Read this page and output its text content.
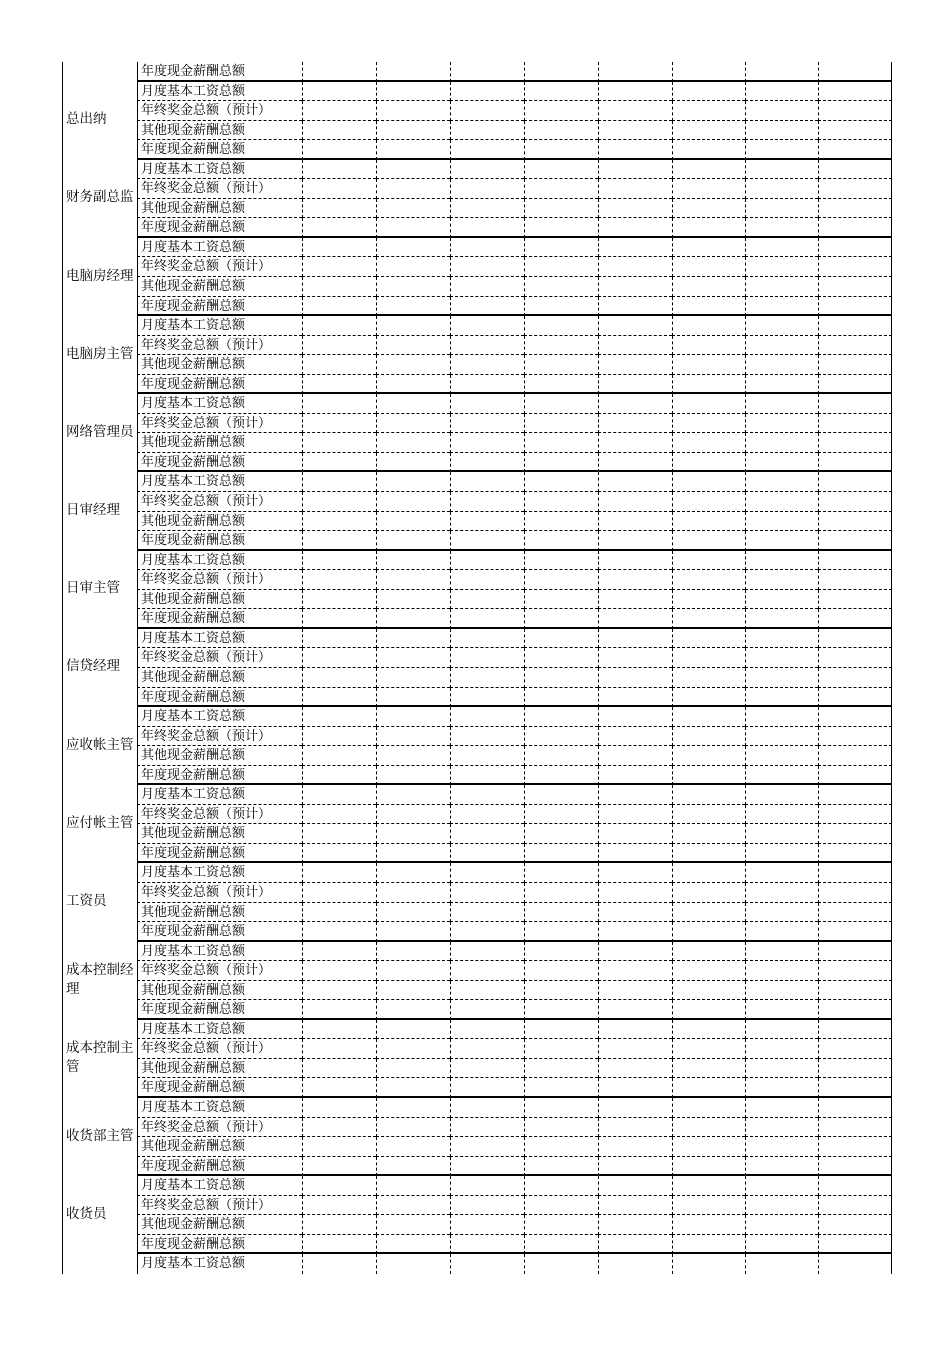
年度现金薪酬总额
月度基本工资总额
年终奖金总额（预计）
其他现金薪酬总额
年度现金薪酬总额
总出纳
月度基本工资总额
年终奖金总额（预计）
其他现金薪酬总额
年度现金薪酬总额
财务副总监
月度基本工资总额
年终奖金总额（预计）
其他现金薪酬总额
年度现金薪酬总额
电脑房经理
月度基本工资总额
年终奖金总额（预计）
其他现金薪酬总额
年度现金薪酬总额
电脑房主管
月度基本工资总额
年终奖金总额（预计）
其他现金薪酬总额
年度现金薪酬总额
网络管理员
月度基本工资总额
年终奖金总额（预计）
其他现金薪酬总额
年度现金薪酬总额
日审经理
月度基本工资总额
年终奖金总额（预计）
其他现金薪酬总额
年度现金薪酬总额
日审主管
月度基本工资总额
年终奖金总额（预计）
其他现金薪酬总额
年度现金薪酬总额
信贷经理
月度基本工资总额
年终奖金总额（预计）
其他现金薪酬总额
年度现金薪酬总额
应收帐主管
月度基本工资总额
年终奖金总额（预计）
其他现金薪酬总额
年度现金薪酬总额
应付帐主管
月度基本工资总额
年终奖金总额（预计）
其他现金薪酬总额
年度现金薪酬总额
工资员
月度基本工资总额
年终奖金总额（预计）
其他现金薪酬总额
年度现金薪酬总额
成本控制经理
月度基本工资总额
年终奖金总额（预计）
其他现金薪酬总额
年度现金薪酬总额
成本控制主管
月度基本工资总额
年终奖金总额（预计）
其他现金薪酬总额
年度现金薪酬总额
收货部主管
月度基本工资总额
年终奖金总额（预计）
其他现金薪酬总额
年度现金薪酬总额
收货员
月度基本工资总额
